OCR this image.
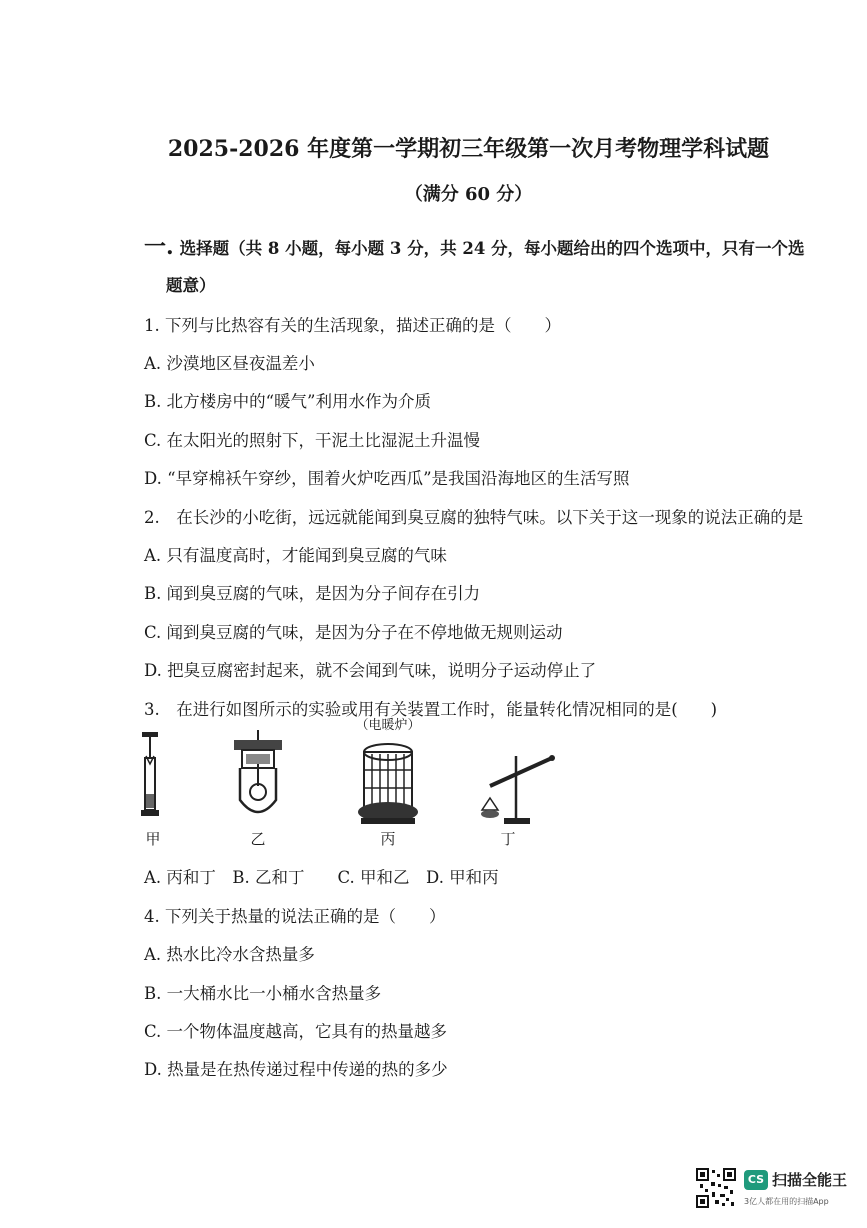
2025-2026 年度第一学期初三年级第一次月考物理学科试题
（满分 60 分）
一. 选择题（共 8 小题，每小题 3 分，共 24 分，每小题给出的四个选项中，只有一个选
题意）
1. 下列与比热容有关的生活现象，描述正确的是（　　）
A. 沙漠地区昼夜温差小
B. 北方楼房中的“暖气”利用水作为介质
C. 在太阳光的照射下，干泥土比湿泥土升温慢
D. “早穿棉袄午穿纱，围着火炉吃西瓜”是我国沿海地区的生活写照
2.　在长沙的小吃街，远远就能闻到臭豆腐的独特气味。以下关于这一现象的说法正确的是
A. 只有温度高时，才能闻到臭豆腐的气味
B. 闻到臭豆腐的气味，是因为分子间存在引力
C. 闻到臭豆腐的气味，是因为分子在不停地做无规则运动
D. 把臭豆腐密封起来，就不会闻到气味，说明分子运动停止了
3.　在进行如图所示的实验或用有关装置工作时，能量转化情况相同的是(　　)
甲	乙
（电暖炉）
丙	丁
A. 丙和丁　B. 乙和丁　　C. 甲和乙　D. 甲和丙
4. 下列关于热量的说法正确的是（　　）
A. 热水比冷水含热量多
B. 一大桶水比一小桶水含热量多
C. 一个物体温度越高，它具有的热量越多
D. 热量是在热传递过程中传递的热的多少
CS 扫描全能王
3亿人都在用的扫描App
